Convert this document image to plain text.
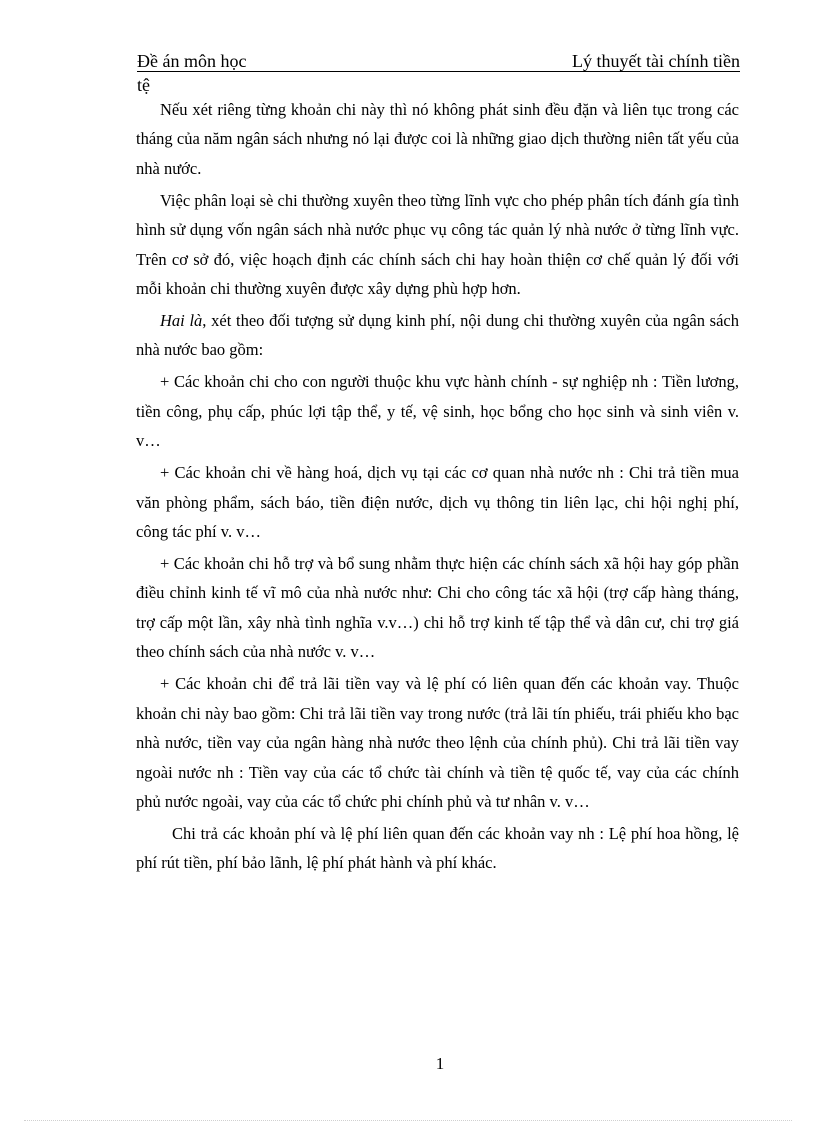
Đề án môn học	Lý thuyết tài chính tiền
tệ

Nếu xét riêng từng khoản chi này thì nó không phát sinh đều đặn và liên tục trong các tháng của năm ngân sách nhưng nó lại được coi là những giao dịch thường niên tất yếu của nhà nước.

Việc phân loại sè chi thường xuyên theo từng lĩnh vực cho phép phân tích đánh gía tình hình sử dụng vốn ngân sách nhà nước phục vụ công tác quản lý nhà nước ở từng lĩnh vực. Trên cơ sở đó, việc hoạch định các chính sách chi hay hoàn thiện cơ chế quản lý đối với mỗi khoản chi thường xuyên được xây dựng phù hợp hơn.

Hai là, xét theo đối tượng sử dụng kinh phí, nội dung chi thường xuyên của ngân sách nhà nước bao gồm:

+ Các khoản chi cho con người thuộc khu vực hành chính - sự nghiệp nh : Tiền lương, tiền công, phụ cấp, phúc lợi tập thể, y tế, vệ sinh, học bổng cho học sinh và sinh viên v. v…

+ Các khoản chi về hàng hoá, dịch vụ tại các cơ quan nhà nước nh : Chi trả tiền mua văn phòng phẩm, sách báo, tiền điện nước, dịch vụ thông tin liên lạc, chi hội nghị phí, công tác phí v. v…

+ Các khoản chi hỗ trợ và bổ sung nhằm thực hiện các chính sách xã hội hay góp phần điều chỉnh kinh tế vĩ mô của nhà nước như: Chi cho công tác xã hội (trợ cấp hàng tháng, trợ cấp một lần, xây nhà tình nghĩa v.v…) chi hỗ trợ kinh tế tập thể và dân cư, chi trợ giá theo chính sách của nhà nước v. v…

+ Các khoản chi để trả lãi tiền vay và lệ phí có liên quan đến các khoản vay. Thuộc khoản chi này bao gồm: Chi trả lãi tiền vay trong nước (trả lãi tín phiếu, trái phiếu kho bạc nhà nước, tiền vay của ngân hàng nhà nước theo lệnh của chính phủ). Chi trả lãi tiền vay ngoài nước nh : Tiền vay của các tổ chức tài chính và tiền tệ quốc tế, vay của các chính phủ nước ngoài, vay của các tổ chức phi chính phủ và tư nhân v. v…

Chi trả các khoản phí và lệ phí liên quan đến các khoản vay nh : Lệ phí hoa hồng, lệ phí rút tiền, phí bảo lãnh, lệ phí phát hành và phí khác.

1
